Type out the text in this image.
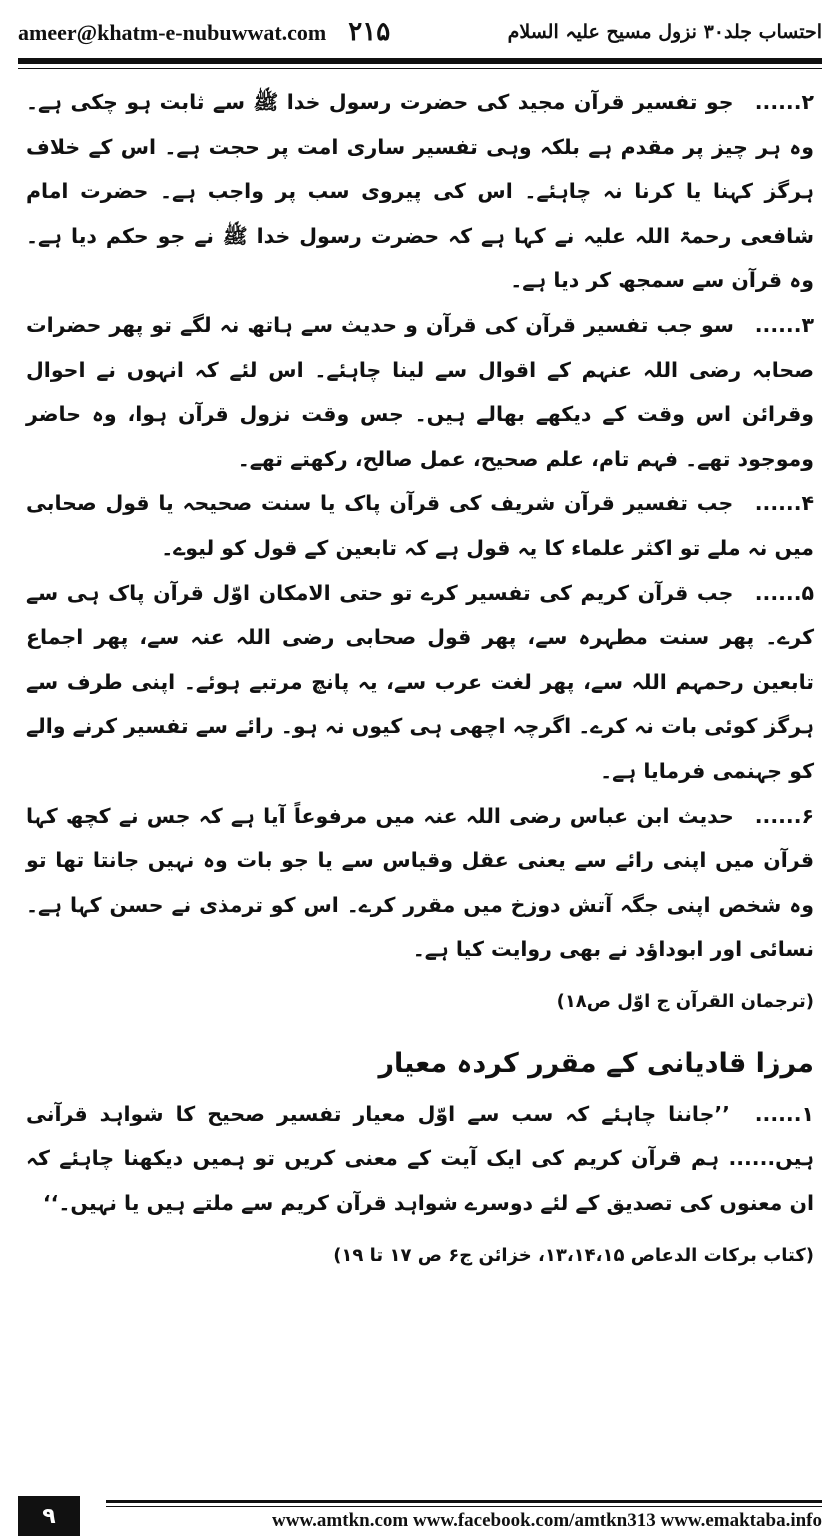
ameer@khatm-e-nubuwwat.com ۲۱۵	احتساب جلد۳۰ نزول مسیح علیہ السلام

۲...... جو تفسیر قرآن مجید کی حضرت رسول خدا ﷺ سے ثابت ہو چکی ہے۔ وہ ہر چیز پر مقدم ہے بلکہ وہی تفسیر ساری امت پر حجت ہے۔ اس کے خلاف ہرگز کہنا یا کرنا نہ چاہئے۔ اس کی پیروی سب پر واجب ہے۔ حضرت امام شافعی رحمۃ اللہ علیہ نے کہا ہے کہ حضرت رسول خدا ﷺ نے جو حکم دیا ہے۔ وہ قرآن سے سمجھ کر دیا ہے۔

۳...... سو جب تفسیر قرآن کی قرآن و حدیث سے ہاتھ نہ لگے تو پھر حضرات صحابہ رضی اللہ عنہم کے اقوال سے لینا چاہئے۔ اس لئے کہ انہوں نے احوال وقرائن اس وقت کے دیکھے بھالے ہیں۔ جس وقت نزول قرآن ہوا، وہ حاضر وموجود تھے۔ فہم تام، علم صحیح، عمل صالح، رکھتے تھے۔

۴...... جب تفسیر قرآن شریف کی قرآن پاک یا سنت صحیحہ یا قول صحابی میں نہ ملے تو اکثر علماء کا یہ قول ہے کہ تابعین کے قول کو لیوے۔

۵...... جب قرآن کریم کی تفسیر کرے تو حتی الامکان اوّل قرآن پاک ہی سے کرے۔ پھر سنت مطہرہ سے، پھر قول صحابی رضی اللہ عنہ سے، پھر اجماع تابعین رحمہم اللہ سے، پھر لغت عرب سے، یہ پانچ مرتبے ہوئے۔ اپنی طرف سے ہرگز کوئی بات نہ کرے۔ اگرچہ اچھی ہی کیوں نہ ہو۔ رائے سے تفسیر کرنے والے کو جہنمی فرمایا ہے۔

۶...... حدیث ابن عباس رضی اللہ عنہ میں مرفوعاً آیا ہے کہ جس نے کچھ کہا قرآن میں اپنی رائے سے یعنی عقل وقیاس سے یا جو بات وہ نہیں جانتا تھا تو وہ شخص اپنی جگہ آتش دوزخ میں مقرر کرے۔ اس کو ترمذی نے حسن کہا ہے۔ نسائی اور ابوداؤد نے بھی روایت کیا ہے۔

(ترجمان القرآن ج اوّل ص۱۸)

مرزا قادیانی کے مقرر کردہ معیار

۱...... ’’جاننا چاہئے کہ سب سے اوّل معیار تفسیر صحیح کا شواہد قرآنی ہیں...... ہم قرآن کریم کی ایک آیت کے معنی کریں تو ہمیں دیکھنا چاہئے کہ ان معنوں کی تصدیق کے لئے دوسرے شواہد قرآن کریم سے ملتے ہیں یا نہیں۔‘‘

(کتاب برکات الدعاص ۱۳،۱۴،۱۵، خزائن ج۶ ص ۱۷ تا ۱۹)

۹	www.amtkn.com www.facebook.com/amtkn313 www.emaktaba.info
